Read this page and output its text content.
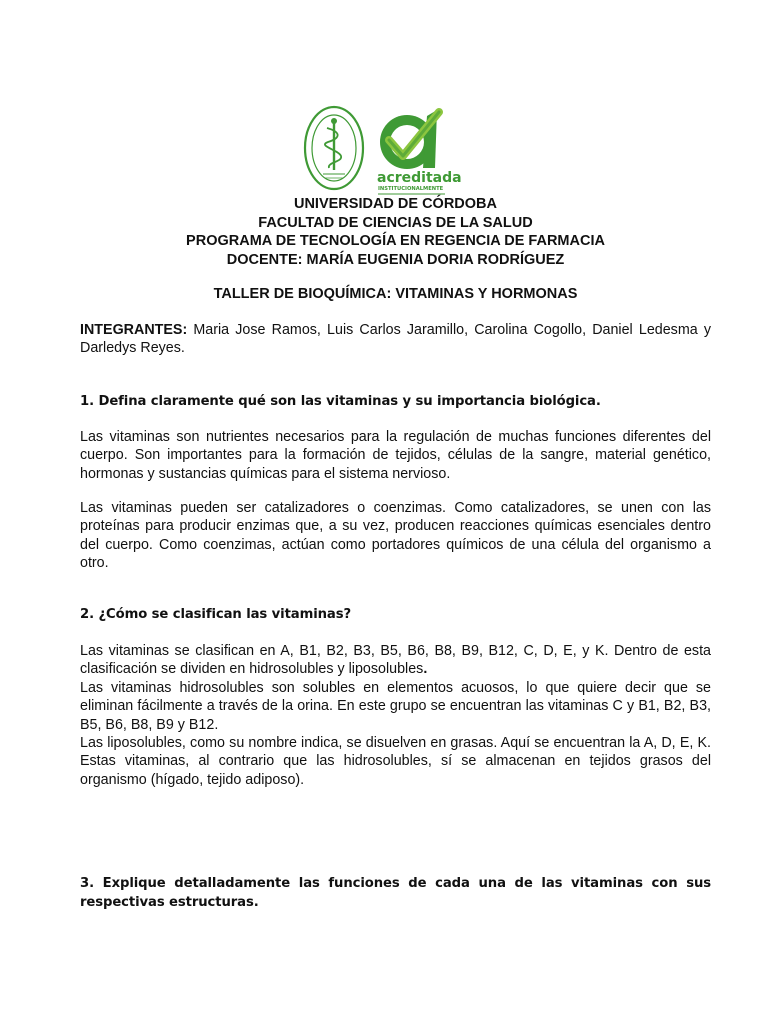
acreditada
INSTITUCIONALMENTE
UNIVERSIDAD DE CÓRDOBA
FACULTAD DE CIENCIAS DE LA SALUD
PROGRAMA DE TECNOLOGÍA EN REGENCIA DE FARMACIA
DOCENTE: MARÍA EUGENIA DORIA RODRÍGUEZ
TALLER DE BIOQUÍMICA: VITAMINAS Y HORMONAS

INTEGRANTES: Maria Jose Ramos, Luis Carlos Jaramillo, Carolina Cogollo, Daniel Ledesma y Darledys Reyes.

1. Defina claramente qué son las vitaminas y su importancia biológica.

Las vitaminas son nutrientes necesarios para la regulación de muchas funciones diferentes del cuerpo. Son importantes para la formación de tejidos, células de la sangre, material genético, hormonas y sustancias químicas para el sistema nervioso.

Las vitaminas pueden ser catalizadores o coenzimas. Como catalizadores, se unen con las proteínas para producir enzimas que, a su vez, producen reacciones químicas esenciales dentro del cuerpo. Como coenzimas, actúan como portadores químicos de una célula del organismo a otro.

2. ¿Cómo se clasifican las vitaminas?

Las vitaminas se clasifican en A, B1, B2, B3, B5, B6, B8, B9, B12, C, D, E, y K. Dentro de esta clasificación se dividen en hidrosolubles y liposolubles.

Las vitaminas hidrosolubles son solubles en elementos acuosos, lo que quiere decir que se eliminan fácilmente a través de la orina. En este grupo se encuentran las vitaminas C y B1, B2, B3, B5, B6, B8, B9 y B12.

Las liposolubles, como su nombre indica, se disuelven en grasas. Aquí se encuentran la A, D, E, K. Estas vitaminas, al contrario que las hidrosolubles, sí se almacenan en tejidos grasos del organismo (hígado, tejido adiposo).

3. Explique detalladamente las funciones de cada una de las vitaminas con sus respectivas estructuras.
